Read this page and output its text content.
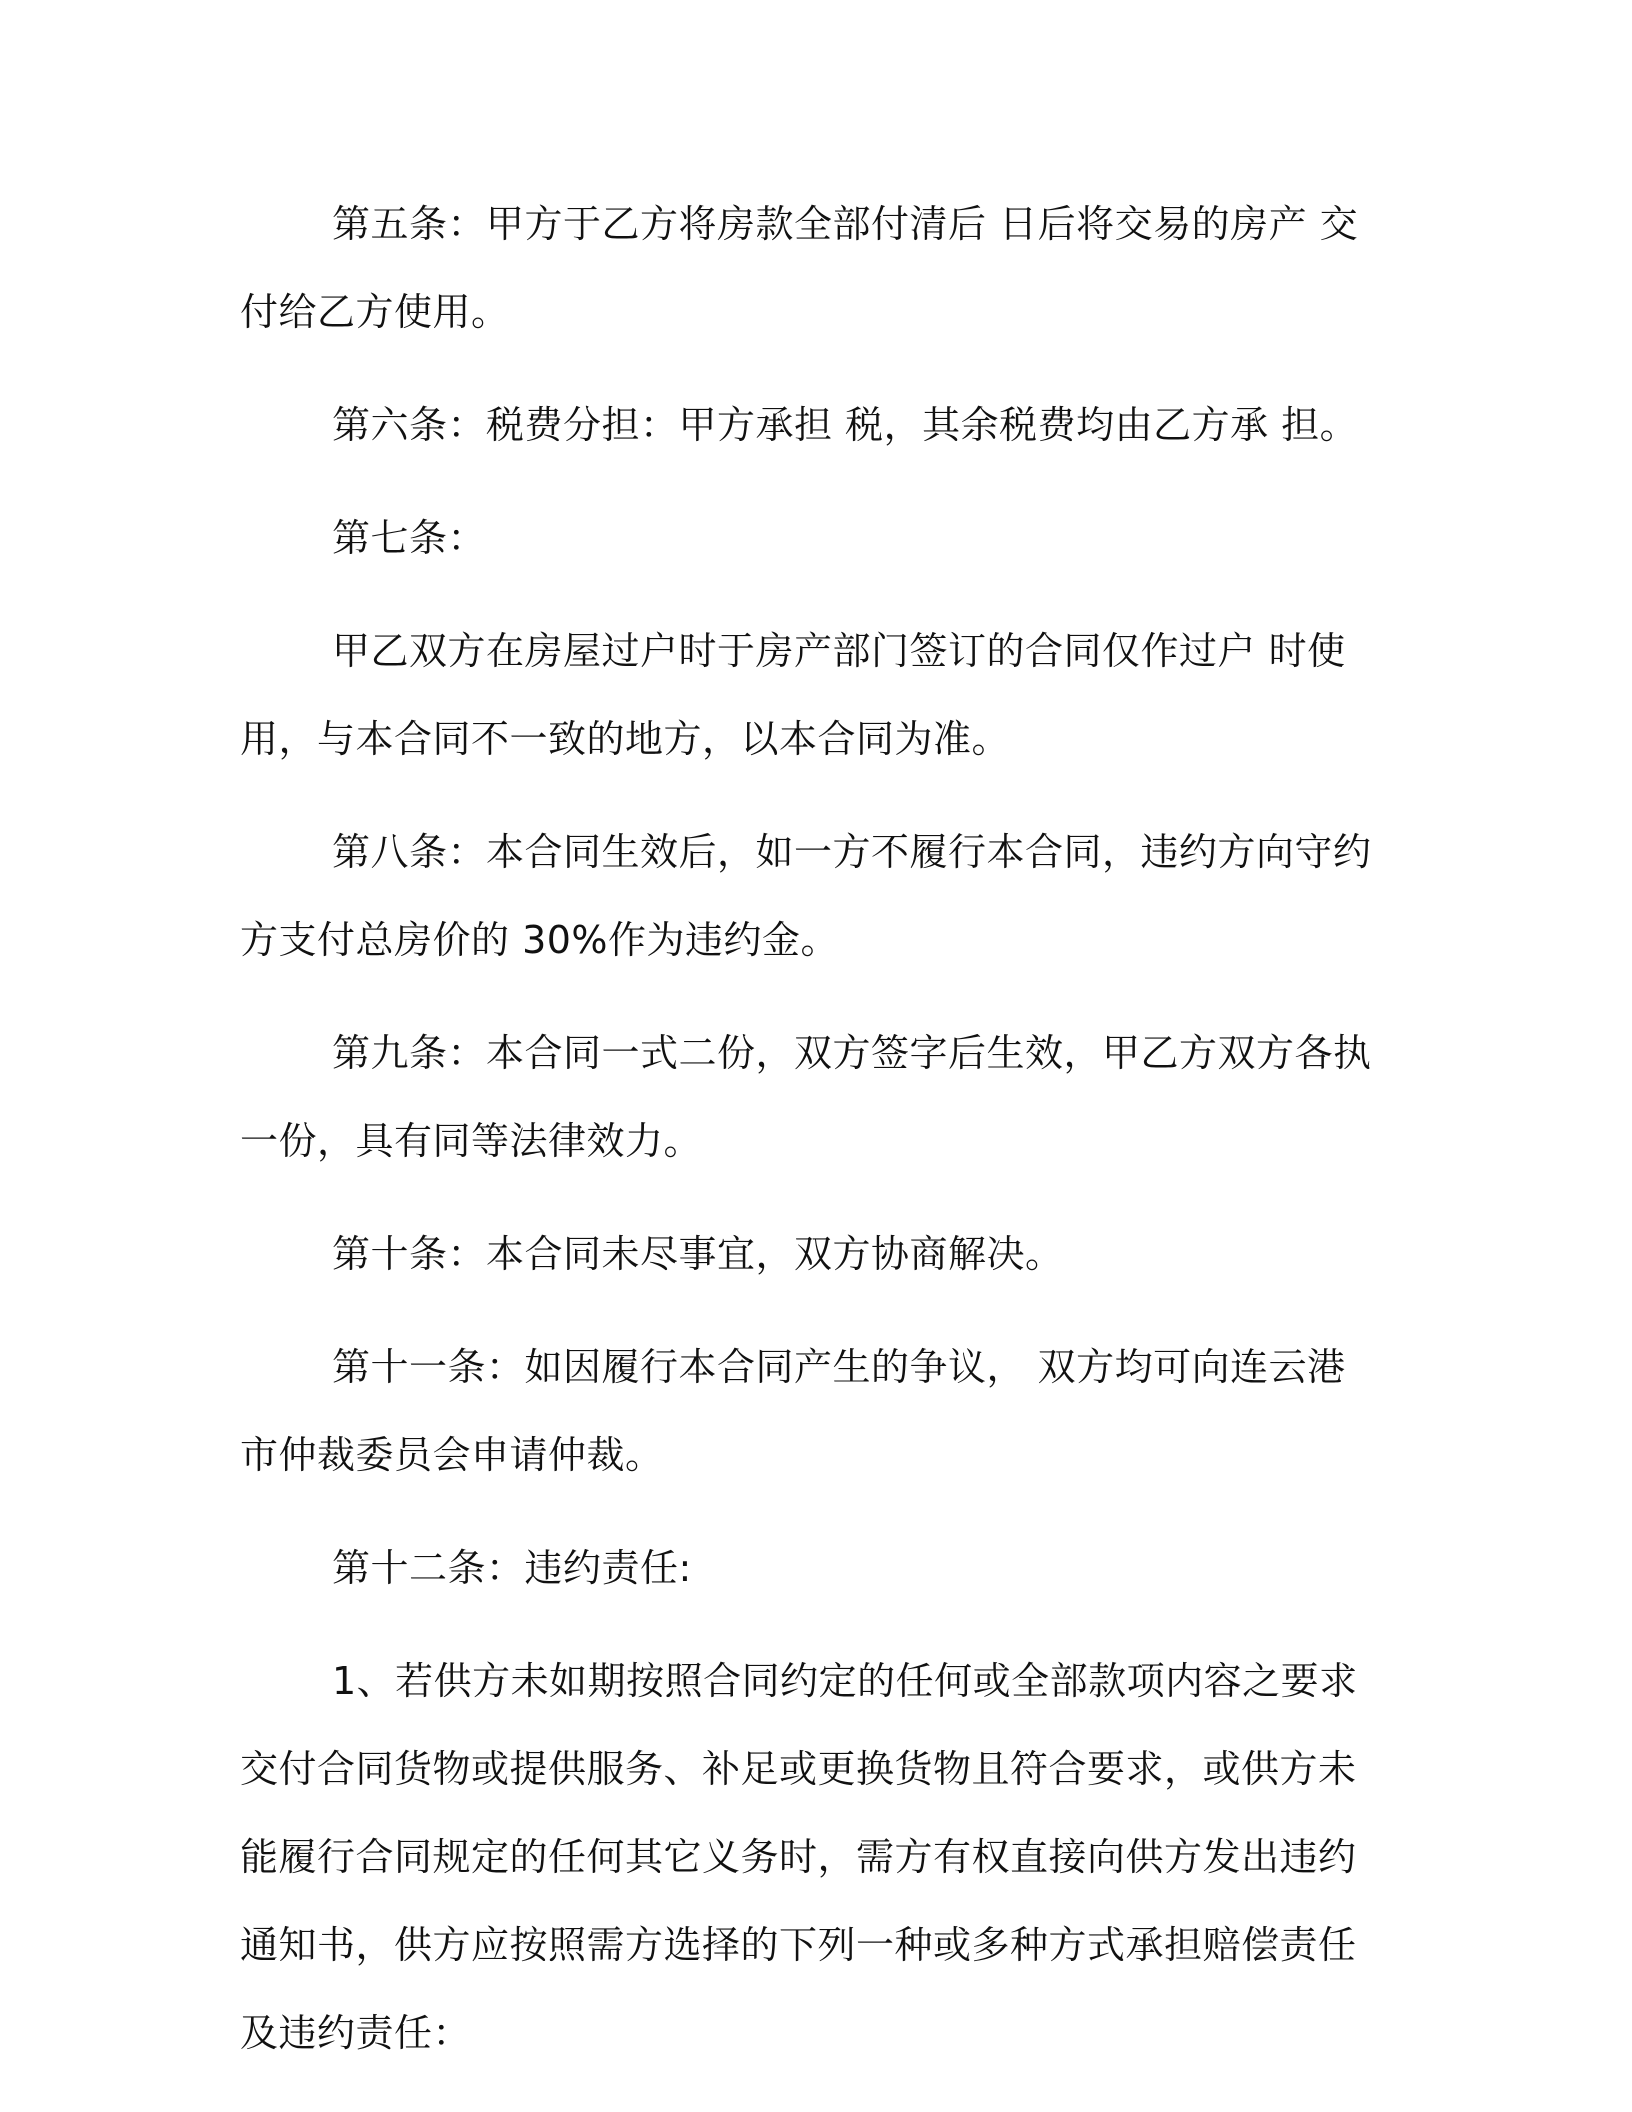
第五条：甲方于乙方将房款全部付清后 日后将交易的房产 交付给乙方使用。

第六条：税费分担：甲方承担 税，其余税费均由乙方承 担。

第七条：

甲乙双方在房屋过户时于房产部门签订的合同仅作过户 时使用，与本合同不一致的地方，以本合同为准。

第八条：本合同生效后，如一方不履行本合同，违约方向守约方支付总房价的 30%作为违约金。

第九条：本合同一式二份，双方签字后生效，甲乙方双方各执一份，具有同等法律效力。

第十条：本合同未尽事宜，双方协商解决。

第十一条：如因履行本合同产生的争议， 双方均可向连云港市仲裁委员会申请仲裁。

第十二条：违约责任:

1、若供方未如期按照合同约定的任何或全部款项内容之要求交付合同货物或提供服务、补足或更换货物且符合要求，或供方未能履行合同规定的任何其它义务时，需方有权直接向供方发出违约通知书，供方应按照需方选择的下列一种或多种方式承担赔偿责任及违约责任：
